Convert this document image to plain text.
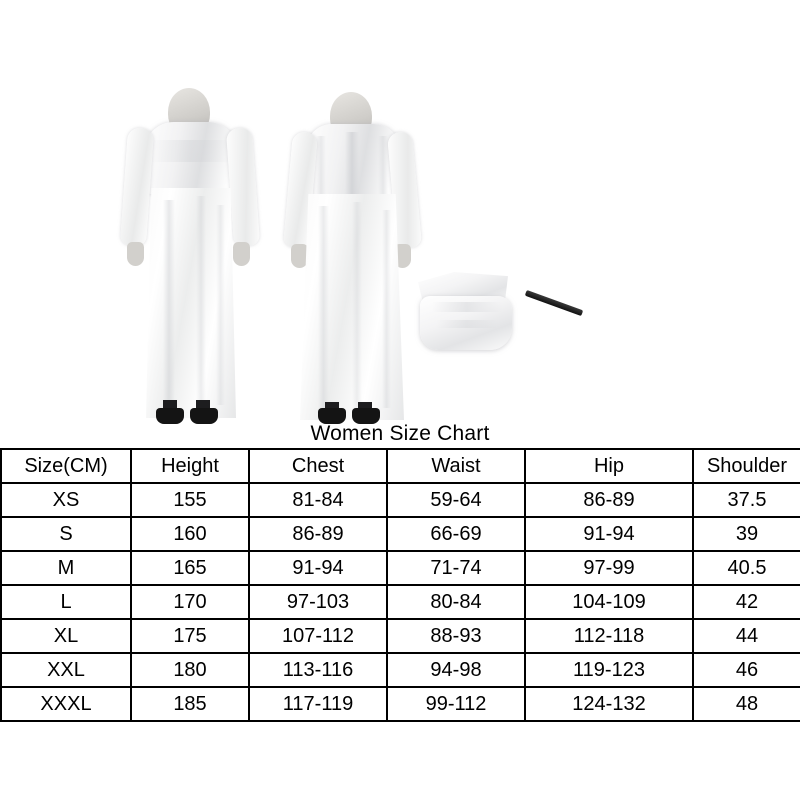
Women Size Chart
Size(CM)	Height	Chest	Waist	Hip	Shoulder
XS	155	81-84	59-64	86-89	37.5
S	160	86-89	66-69	91-94	39
M	165	91-94	71-74	97-99	40.5
L	170	97-103	80-84	104-109	42
XL	175	107-112	88-93	112-118	44
XXL	180	113-116	94-98	119-123	46
XXXL	185	117-119	99-112	124-132	48
